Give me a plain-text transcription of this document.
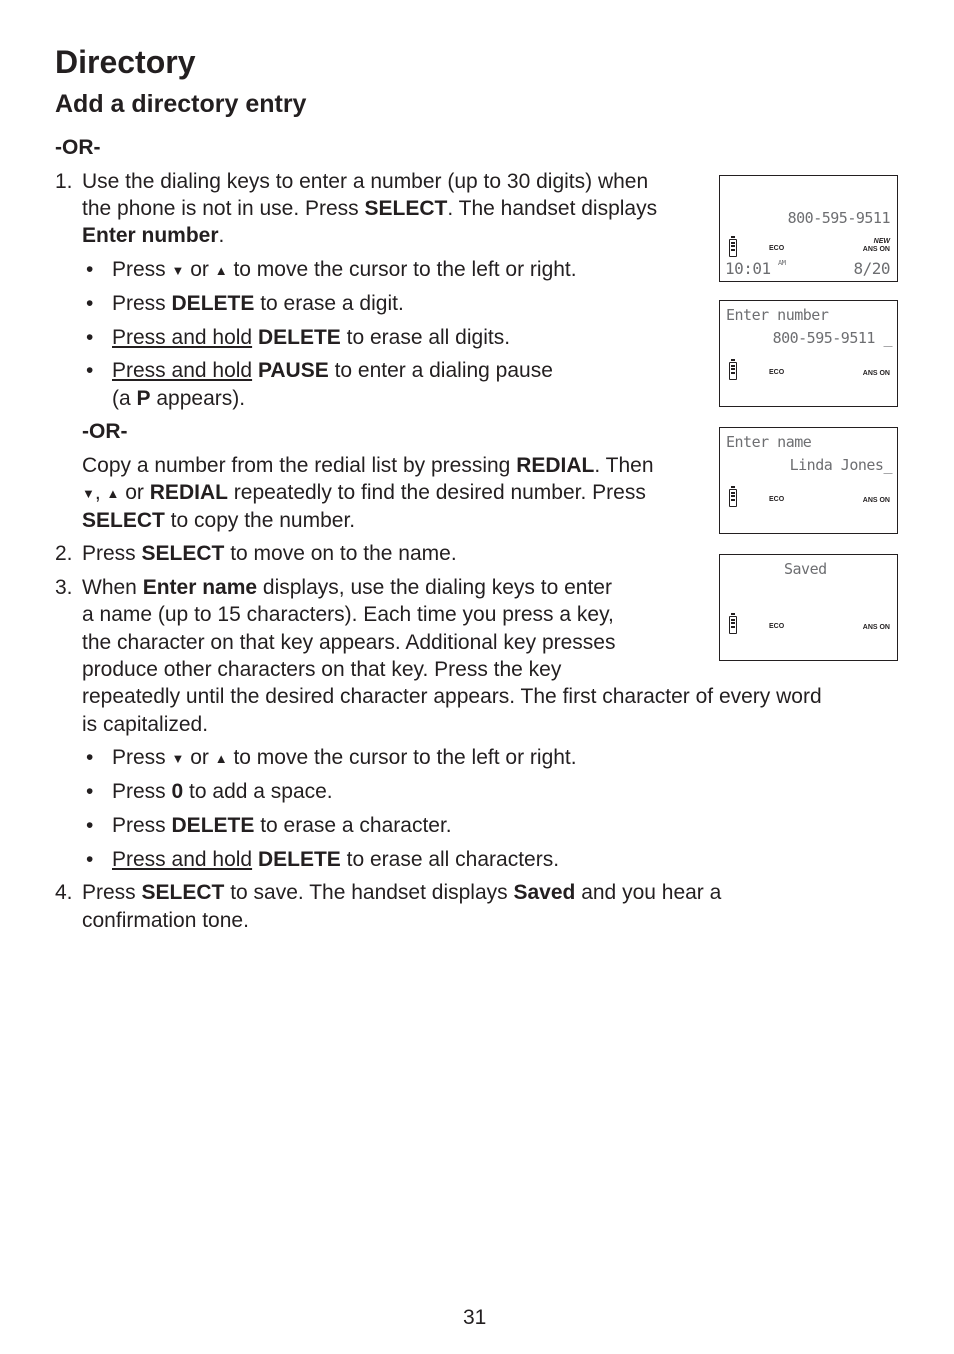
Directory
Add a directory entry
-OR-
1. Use the dialing keys to enter a number (up to 30 digits) when
the phone is not in use. Press SELECT. The handset displays
Enter number.
• Press ▼ or ▲ to move the cursor to the left or right.
• Press DELETE to erase a digit.
• Press and hold DELETE to erase all digits.
• Press and hold PAUSE to enter a dialing pause
(a P appears).
-OR-
Copy a number from the redial list by pressing REDIAL. Then
▼, ▲ or REDIAL repeatedly to find the desired number. Press
SELECT to copy the number.
2. Press SELECT to move on to the name.
3. When Enter name displays, use the dialing keys to enter
a name (up to 15 characters). Each time you press a key,
the character on that key appears. Additional key presses
produce other characters on that key. Press the key
repeatedly until the desired character appears. The first character of every word
is capitalized.
• Press ▼ or ▲ to move the cursor to the left or right.
• Press 0 to add a space.
• Press DELETE to erase a character.
• Press and hold DELETE to erase all characters.
4. Press SELECT to save. The handset displays Saved and you hear a
confirmation tone.
800-595-9511
ECO
NEW
ANS ON
10:01 AM	8/20
Enter number
800-595-9511 _
ECO	ANS ON
Enter name
Linda Jones_
ECO	ANS ON
Saved
ECO	ANS ON
31
